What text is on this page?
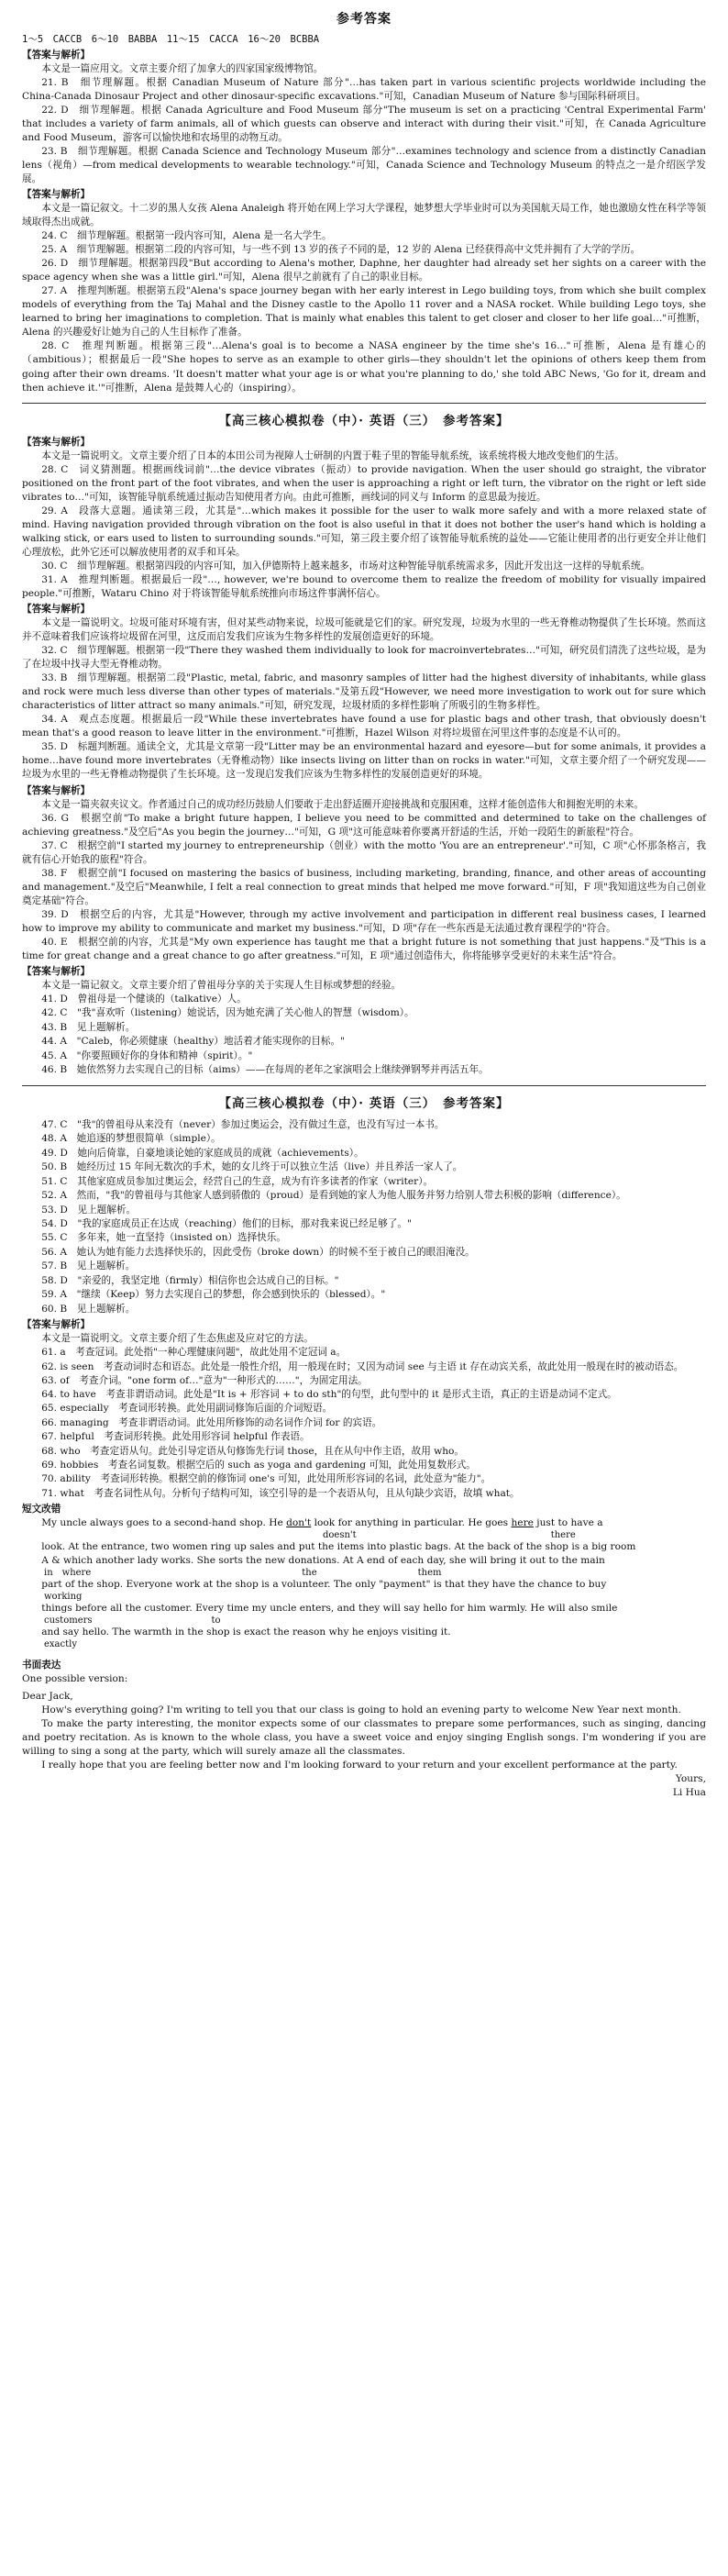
参考答案
1～5　CACCB　6～10　BABBA　11～15　CACCA　16～20　BCBBA

【答案与解析】

本文是一篇应用文。文章主要介绍了加拿大的四家国家级博物馆。

21. B　细节理解题。根据 Canadian Museum of Nature 部分"…has taken part in various scientific projects worldwide including the China-Canada Dinosaur Project and other dinosaur-specific excavations."可知，Canadian Museum of Nature 参与国际科研项目。

22. D　细节理解题。根据 Canada Agriculture and Food Museum 部分"The museum is set on a practicing 'Central Experimental Farm' that includes a variety of farm animals, all of which guests can observe and interact with during their visit."可知，在 Canada Agriculture and Food Museum，游客可以愉快地和农场里的动物互动。

23. B　细节理解题。根据 Canada Science and Technology Museum 部分"…examines technology and science from a distinctly Canadian lens（视角）—from medical developments to wearable technology."可知，Canada Science and Technology Museum 的特点之一是介绍医学发展。

【答案与解析】

本文是一篇记叙文。十二岁的黑人女孩 Alena Analeigh 将开始在网上学习大学课程，她梦想大学毕业时可以为美国航天局工作，她也激励女性在科学等领域取得杰出成就。

24. C　细节理解题。根据第一段内容可知，Alena 是一名大学生。

25. A　细节理解题。根据第二段的内容可知，与一些不到 13 岁的孩子不同的是，12 岁的 Alena 已经获得高中文凭并拥有了大学的学历。

26. D　细节理解题。根据第四段"But according to Alena's mother, Daphne, her daughter had already set her sights on a career with the space agency when she was a little girl."可知，Alena 很早之前就有了自己的职业目标。

27. A　推理判断题。根据第五段"Alena's space journey began with her early interest in Lego building toys, from which she built complex models of everything from the Taj Mahal and the Disney castle to the Apollo 11 rover and a NASA rocket. While building Lego toys, she learned to bring her imaginations to completion. That is mainly what enables this talent to get closer and closer to her life goal…"可推断，Alena 的兴趣爱好让她为自己的人生目标作了准备。

28. C　推理判断题。根据第三段"…Alena's goal is to become a NASA engineer by the time she's 16…"可推断，Alena 是有雄心的（ambitious）；根据最后一段"She hopes to serve as an example to other girls—they shouldn't let the opinions of others keep them from going after their own dreams. 'It doesn't matter what your age is or what you're planning to do,' she told ABC News, 'Go for it, dream and then achieve it.'"可推断，Alena 是鼓舞人心的（inspiring）。

【高三核心模拟卷（中）· 英语（三）　参考答案】

【答案与解析】

本文是一篇说明文。文章主要介绍了日本的本田公司为视障人士研制的内置于鞋子里的智能导航系统，该系统将极大地改变他们的生活。

28. C　词义猜测题。根据画线词前"…the device vibrates（振动）to provide navigation. When the user should go straight, the vibrator positioned on the front part of the foot vibrates, and when the user is approaching a right or left turn, the vibrator on the right or left side vibrates to…"可知，该智能导航系统通过振动告知使用者方向。由此可推断，画线词的同义与 Inform 的意思最为接近。

29. A　段落大意题。通读第三段，尤其是"…which makes it possible for the user to walk more safely and with a more relaxed state of mind. Having navigation provided through vibration on the foot is also useful in that it does not bother the user's hand which is holding a walking stick, or ears used to listen to surrounding sounds."可知，第三段主要介绍了该智能导航系统的益处——它能让使用者的出行更安全并让他们心理放松，此外它还可以解放使用者的双手和耳朵。

30. C　细节理解题。根据第四段的内容可知，加入伊德斯特上越来越多，市场对这种智能导航系统需求多，因此开发出这一这样的导航系统。

31. A　推理判断题。根据最后一段"…, however, we're bound to overcome them to realize the freedom of mobility for visually impaired people."可推断，Wataru Chino 对于将该智能导航系统推向市场这件事满怀信心。

【答案与解析】

本文是一篇说明文。垃圾可能对环境有害，但对某些动物来说，垃圾可能就是它们的家。研究发现，垃圾为水里的一些无脊椎动物提供了生长环境。然而这并不意味着我们应该将垃圾留在河里，这反而启发我们应该为生物多样性的发展创造更好的环境。

32. C　细节理解题。根据第一段"There they washed them individually to look for macroinvertebrates…"可知，研究员们清洗了这些垃圾，是为了在垃圾中找寻大型无脊椎动物。

33. B　细节理解题。根据第二段"Plastic, metal, fabric, and masonry samples of litter had the highest diversity of inhabitants, while glass and rock were much less diverse than other types of materials."及第五段"However, we need more investigation to work out for sure which characteristics of litter attract so many animals."可知，研究发现，垃圾材质的多样性影响了所吸引的生物多样性。

34. A　观点态度题。根据最后一段"While these invertebrates have found a use for plastic bags and other trash, that obviously doesn't mean that's a good reason to leave litter in the environment."可推断，Hazel Wilson 对将垃圾留在河里这件事的态度是不认可的。

35. D　标题判断题。通读全文，尤其是文章第一段"Litter may be an environmental hazard and eyesore—but for some animals, it provides a home…have found more invertebrates（无脊椎动物）like insects living on litter than on rocks in water."可知，文章主要介绍了一个研究发现——垃圾为水里的一些无脊椎动物提供了生长环境。这一发现启发我们应该为生物多样性的发展创造更好的环境。

【答案与解析】

本文是一篇夹叙夹议文。作者通过自己的成功经历鼓励人们要敢于走出舒适圈开迎接挑战和克服困难，这样才能创造伟大和拥抱光明的未来。

36. G　根据空前"To make a bright future happen, I believe you need to be committed and determined to take on the challenges of achieving greatness."及空后"As you begin the journey…"可知，G 项"这可能意味着你要离开舒适的生活，开始一段陌生的新旅程"符合。

37. C　根据空前"I started my journey to entrepreneurship（创业）with the motto 'You are an entrepreneur'."可知，C 项"心怀那条格言，我就有信心开始我的旅程"符合。

38. F　根据空前"I focused on mastering the basics of business, including marketing, branding, finance, and other areas of accounting and management."及空后"Meanwhile, I felt a real connection to great minds that helped me move forward."可知，F 项"我知道这些为自己创业奠定基础"符合。

39. D　根据空后的内容，尤其是"However, through my active involvement and participation in different real business cases, I learned how to improve my ability to communicate and market my business."可知，D 项"存在一些东西是无法通过教育课程学的"符合。

40. E　根据空前的内容，尤其是"My own experience has taught me that a bright future is not something that just happens."及"This is a time for great change and a great chance to go after greatness."可知，E 项"通过创造伟大，你将能够享受更好的未来生活"符合。

【答案与解析】

本文是一篇记叙文。文章主要介绍了曾祖母分享的关于实现人生目标或梦想的经验。

41. D　曾祖母是一个健谈的（talkative）人。

42. C　"我"喜欢听（listening）她说话，因为她充满了关心他人的智慧（wisdom）。

43. B　见上题解析。

44. A　"Caleb，你必须健康（healthy）地活着才能实现你的目标。"

45. A　"你要照顾好你的身体和精神（spirit）。"

46. B　她依然努力去实现自己的目标（aims）——在每周的老年之家演唱会上继续弹钢琴并再活五年。

【高三核心模拟卷（中）· 英语（三）　参考答案】

47. C　"我"的曾祖母从来没有（never）参加过奥运会，没有做过生意，也没有写过一本书。

48. A　她追逐的梦想很简单（simple）。

49. D　她向后倚靠，自豪地谈论她的家庭成员的成就（achievements）。

50. B　她经历过 15 年间无数次的手术，她的女儿终于可以独立生活（live）并且养活一家人了。

51. C　其他家庭成员参加过奥运会，经营自己的生意，成为有许多读者的作家（writer）。

52. A　然而，"我"的曾祖母与其他家人感到骄傲的（proud）是看到她的家人为他人服务并努力给别人带去积极的影响（difference）。

53. D　见上题解析。

54. D　"我的家庭成员正在达成（reaching）他们的目标，那对我来说已经足够了。"

55. C　多年来，她一直坚持（insisted on）选择快乐。

56. A　她认为她有能力去选择快乐的，因此受伤（broke down）的时候不至于被自己的眼泪淹没。

57. B　见上题解析。

58. D　"亲爱的，我坚定地（firmly）相信你也会达成自己的目标。"

59. A　"继续（Keep）努力去实现自己的梦想，你会感到快乐的（blessed）。"

60. B　见上题解析。

【答案与解析】

本文是一篇说明文。文章主要介绍了生态焦虑及应对它的方法。

61. a　考查冠词。此处指"一种心理健康问题"，故此处用不定冠词 a。

62. is seen　考查动词时态和语态。此处是一般性介绍，用一般现在时；又因为动词 see 与主语 it 存在动宾关系，故此处用一般现在时的被动语态。

63. of　考查介词。"one form of…"意为"一种形式的……"，为固定用法。

64. to have　考查非谓语动词。此处是"It is + 形容词 + to do sth"的句型，此句型中的 it 是形式主语，真正的主语是动词不定式。

65. especially　考查词形转换。此处用副词修饰后面的介词短语。

66. managing　考查非谓语动词。此处用所修饰的动名词作介词 for 的宾语。

67. helpful　考查词形转换。此处用形容词 helpful 作表语。

68. who　考查定语从句。此处引导定语从句修饰先行词 those，且在从句中作主语，故用 who。

69. hobbies　考查名词复数。根据空后的 such as yoga and gardening 可知，此处用复数形式。

70. ability　考查词形转换。根据空前的修饰词 one's 可知，此处用所形容词的名词，此处意为"能力"。

71. what　考查名词性从句。分析句子结构可知，该空引导的是一个表语从句，且从句缺少宾语，故填 what。

短文改错
My uncle always goes to a second-hand shop. He don't look for anything in particular. He goes here just to have a
doesn't	there
look. At the entrance, two women ring up sales and put the items into plastic bags. At the back of the shop is a big room
A & which another lady works. She sorts the new donations. At A end of each day, she will bring it out to the main
in　where　　　　　　　　　　　　　　　　　　　　　　　the　　　　　　　　　　　them
part of the shop. Everyone work at the shop is a volunteer. The only "payment" is that they have the chance to buy
working
things before all the customer. Every time my uncle enters, and they will say hello for him warmly. He will also smile
customers　　　　　　　　　　　　　to
and say hello. The warmth in the shop is exact the reason why he enjoys visiting it.
exactly
书面表达
One possible version:
Dear Jack,

How's everything going? I'm writing to tell you that our class is going to hold an evening party to welcome New Year next month.

To make the party interesting, the monitor expects some of our classmates to prepare some performances, such as singing, dancing and poetry recitation. As is known to the whole class, you have a sweet voice and enjoy singing English songs. I'm wondering if you are willing to sing a song at the party, which will surely amaze all the classmates.

I really hope that you are feeling better now and I'm looking forward to your return and your excellent performance at the party.

Yours,
Li Hua
